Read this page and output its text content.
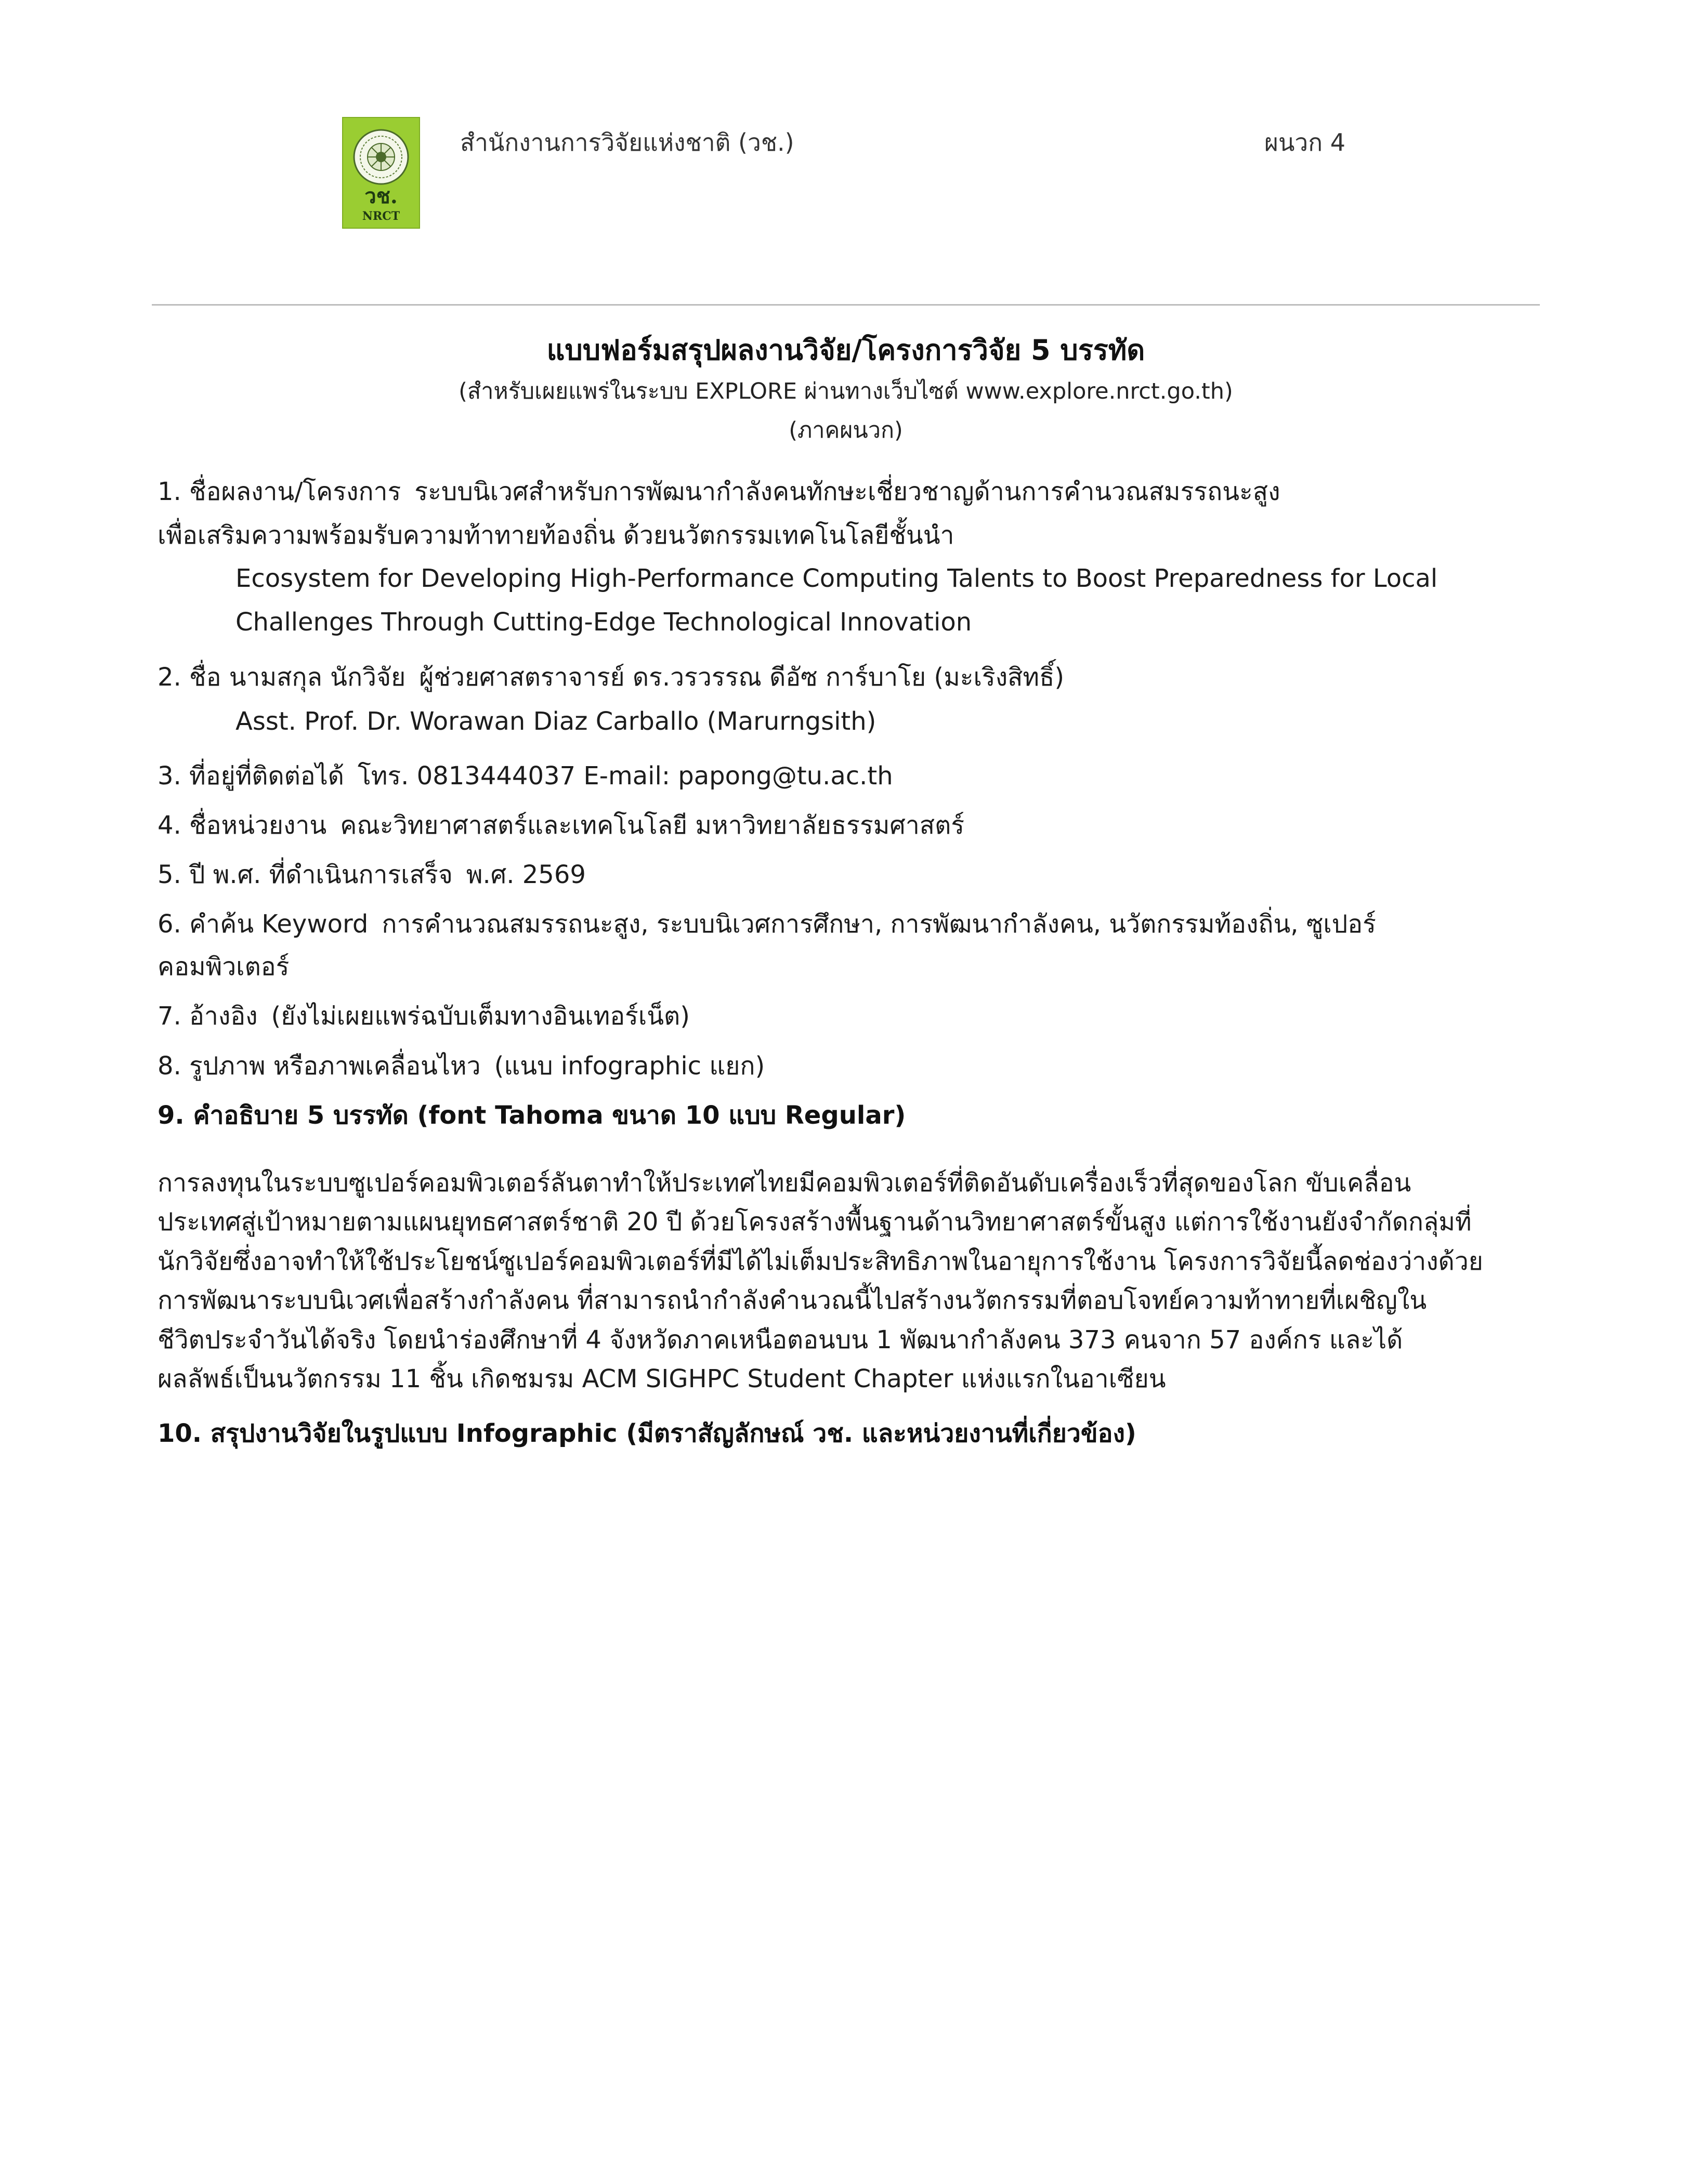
วช.
NRCT
สำนักงานการวิจัยแห่งชาติ (วช.)	ผนวก 4
แบบฟอร์มสรุปผลงานวิจัย/โครงการวิจัย 5 บรรทัด
(สำหรับเผยแพร่ในระบบ EXPLORE ผ่านทางเว็บไซต์ www.explore.nrct.go.th)
(ภาคผนวก)
1. ชื่อผลงาน/โครงการ ระบบนิเวศสำหรับการพัฒนากำลังคนทักษะเชี่ยวชาญด้านการคำนวณสมรรถนะสูง
เพื่อเสริมความพร้อมรับความท้าทายท้องถิ่น ด้วยนวัตกรรมเทคโนโลยีชั้นนำ
Ecosystem for Developing High-Performance Computing Talents to Boost Preparedness for Local
Challenges Through Cutting-Edge Technological Innovation
2. ชื่อ นามสกุล นักวิจัย ผู้ช่วยศาสตราจารย์ ดร.วรวรรณ ดีอัซ การ์บาโย (มะเริงสิทธิ์)
Asst. Prof. Dr. Worawan Diaz Carballo (Marurngsith)
3. ที่อยู่ที่ติดต่อได้ โทร. 0813444037 E-mail: papong@tu.ac.th
4. ชื่อหน่วยงาน คณะวิทยาศาสตร์และเทคโนโลยี มหาวิทยาลัยธรรมศาสตร์
5. ปี พ.ศ. ที่ดำเนินการเสร็จ พ.ศ. 2569
6. คำค้น Keyword การคำนวณสมรรถนะสูง, ระบบนิเวศการศึกษา, การพัฒนากำลังคน, นวัตกรรมท้องถิ่น, ซูเปอร์
คอมพิวเตอร์
7. อ้างอิง (ยังไม่เผยแพร่ฉบับเต็มทางอินเทอร์เน็ต)
8. รูปภาพ หรือภาพเคลื่อนไหว (แนบ infographic แยก)
9. คำอธิบาย 5 บรรทัด (font Tahoma ขนาด 10 แบบ Regular)
การลงทุนในระบบซูเปอร์คอมพิวเตอร์ลันตาทำให้ประเทศไทยมีคอมพิวเตอร์ที่ติดอันดับเครื่องเร็วที่สุดของโลก ขับเคลื่อน
ประเทศสู่เป้าหมายตามแผนยุทธศาสตร์ชาติ 20 ปี ด้วยโครงสร้างพื้นฐานด้านวิทยาศาสตร์ขั้นสูง แต่การใช้งานยังจำกัดกลุ่มที่
นักวิจัยซึ่งอาจทำให้ใช้ประโยชน์ซูเปอร์คอมพิวเตอร์ที่มีได้ไม่เต็มประสิทธิภาพในอายุการใช้งาน โครงการวิจัยนี้ลดช่องว่างด้วย
การพัฒนาระบบนิเวศเพื่อสร้างกำลังคน ที่สามารถนำกำลังคำนวณนี้ไปสร้างนวัตกรรมที่ตอบโจทย์ความท้าทายที่เผชิญใน
ชีวิตประจำวันได้จริง โดยนำร่องศึกษาที่ 4 จังหวัดภาคเหนือตอนบน 1 พัฒนากำลังคน 373 คนจาก 57 องค์กร และได้
ผลลัพธ์เป็นนวัตกรรม 11 ชิ้น เกิดชมรม ACM SIGHPC Student Chapter แห่งแรกในอาเซียน
10. สรุปงานวิจัยในรูปแบบ Infographic (มีตราสัญลักษณ์ วช. และหน่วยงานที่เกี่ยวข้อง)
